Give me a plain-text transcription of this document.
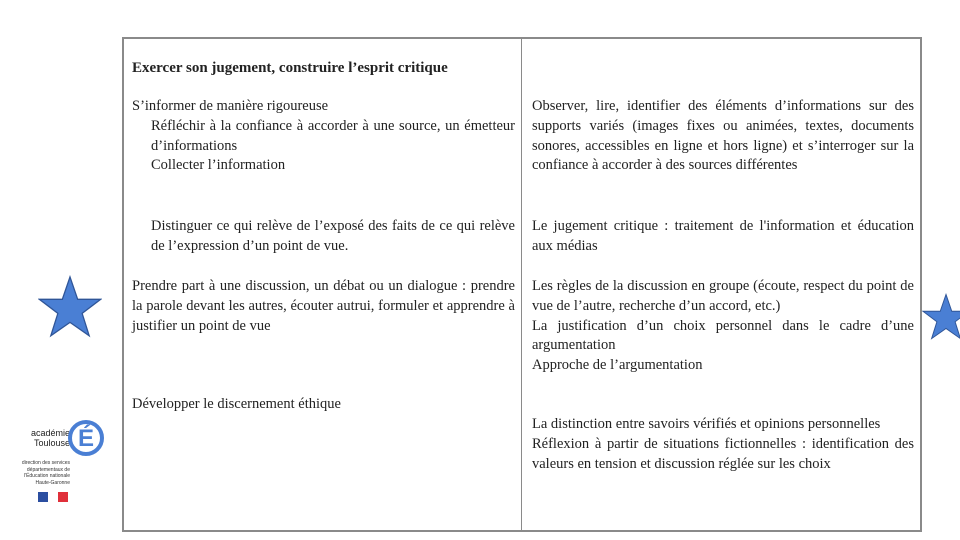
Exercer son jugement, construire l’esprit critique

S’informer de manière rigoureuse

Réfléchir à la confiance à accorder à une source, un émetteur d’informations

Collecter l’information

Observer, lire, identifier des éléments d’informations sur des supports variés (images fixes ou animées, textes, documents sonores, accessibles en ligne et hors ligne) et s’interroger sur la confiance à accorder à des sources différentes

Distinguer ce qui relève de l’exposé des faits de ce qui relève de l’expression d’un point de vue.

Le jugement critique : traitement de l'information et éducation aux médias

Prendre part à une discussion, un débat ou un dialogue : prendre la parole devant les autres, écouter autrui, formuler et apprendre à justifier un point de vue

Les règles de la discussion en groupe (écoute, respect du point de vue de l’autre, recherche d’un accord, etc.)

La justification d’un choix personnel dans le cadre d’une argumentation

Approche de l’argumentation

Développer le discernement éthique

La distinction entre savoirs vérifiés et opinions personnelles

Réflexion à partir de situations fictionnelles : identification des valeurs en tension et discussion réglée sur les choix

académie
Toulouse É
direction des services départementaux de l'Éducation nationale Haute-Garonne
